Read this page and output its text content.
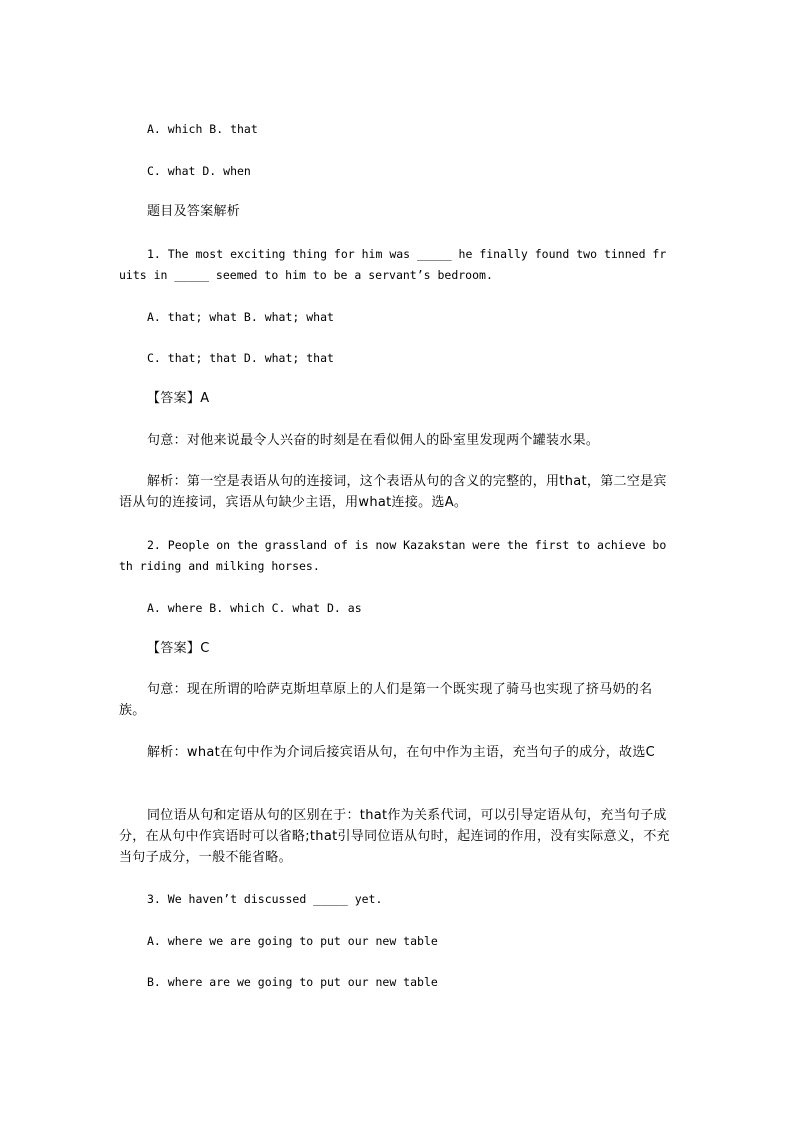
A. which B. that
C. what D. when
题目及答案解析
1. The most exciting thing for him was _____ he finally found two tinned fruits in _____ seemed to him to be a servant’s bedroom.
A. that; what B. what; what
C. that; that D. what; that
【答案】A
句意：对他来说最令人兴奋的时刻是在看似佣人的卧室里发现两个罐装水果。
解析：第一空是表语从句的连接词，这个表语从句的含义的完整的，用that，第二空是宾语从句的连接词，宾语从句缺少主语，用what连接。选A。
2. People on the grassland of is now Kazakstan were the first to achieve both riding and milking horses.
A. where B. which C. what D. as
【答案】C
句意：现在所谓的哈萨克斯坦草原上的人们是第一个既实现了骑马也实现了挤马奶的名族。
解析：what在句中作为介词后接宾语从句，在句中作为主语，充当句子的成分，故选C
同位语从句和定语从句的区别在于：that作为关系代词，可以引导定语从句，充当句子成分，在从句中作宾语时可以省略;that引导同位语从句时，起连词的作用，没有实际意义，不充当句子成分，一般不能省略。
3. We haven’t discussed _____ yet.
A. where we are going to put our new table
B. where are we going to put our new table
